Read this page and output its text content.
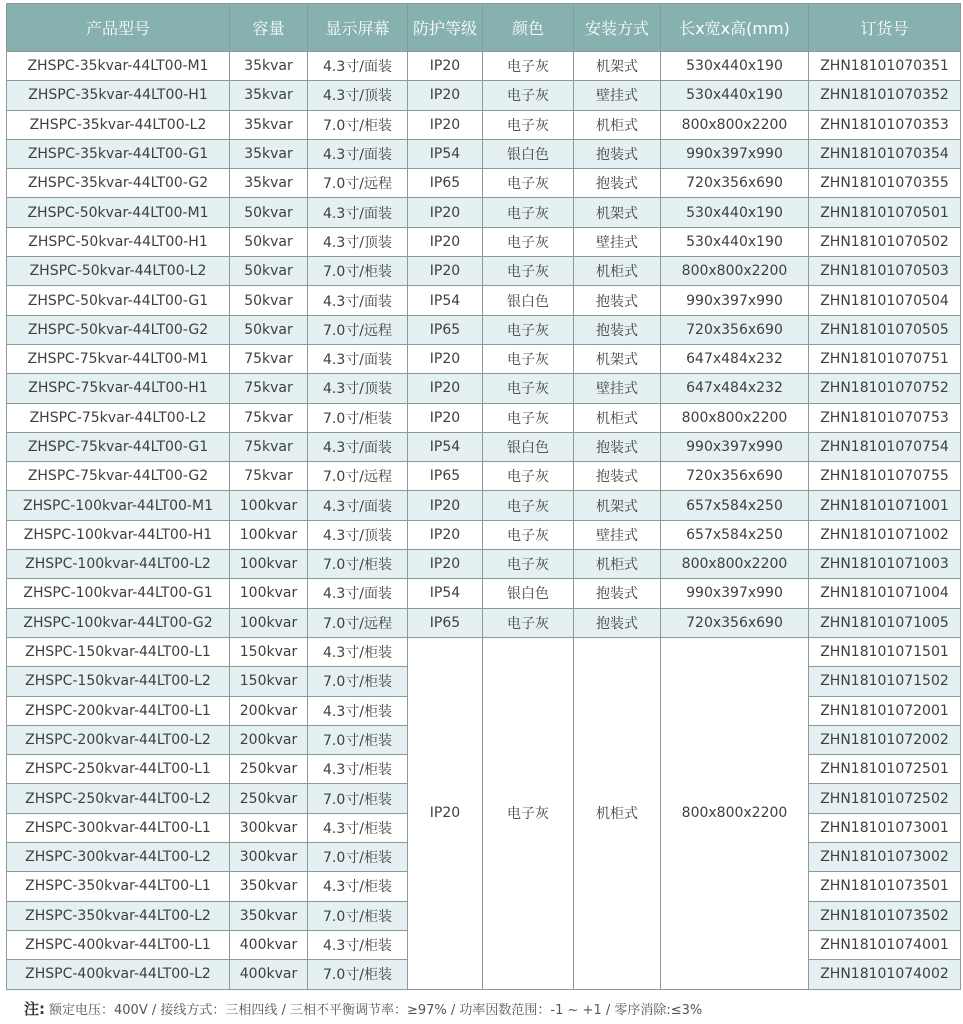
产品型号	容量	显示屏幕	防护等级	颜色	安装方式	长x宽x高(mm)	订货号
ZHSPC-35kvar-44LT00-M1	35kvar	4.3寸/面装	IP20	电子灰	机架式	530x440x190	ZHN18101070351
ZHSPC-35kvar-44LT00-H1	35kvar	4.3寸/顶装	IP20	电子灰	壁挂式	530x440x190	ZHN18101070352
ZHSPC-35kvar-44LT00-L2	35kvar	7.0寸/柜装	IP20	电子灰	机柜式	800x800x2200	ZHN18101070353
ZHSPC-35kvar-44LT00-G1	35kvar	4.3寸/面装	IP54	银白色	抱装式	990x397x990	ZHN18101070354
ZHSPC-35kvar-44LT00-G2	35kvar	7.0寸/远程	IP65	电子灰	抱装式	720x356x690	ZHN18101070355
ZHSPC-50kvar-44LT00-M1	50kvar	4.3寸/面装	IP20	电子灰	机架式	530x440x190	ZHN18101070501
ZHSPC-50kvar-44LT00-H1	50kvar	4.3寸/顶装	IP20	电子灰	壁挂式	530x440x190	ZHN18101070502
ZHSPC-50kvar-44LT00-L2	50kvar	7.0寸/柜装	IP20	电子灰	机柜式	800x800x2200	ZHN18101070503
ZHSPC-50kvar-44LT00-G1	50kvar	4.3寸/面装	IP54	银白色	抱装式	990x397x990	ZHN18101070504
ZHSPC-50kvar-44LT00-G2	50kvar	7.0寸/远程	IP65	电子灰	抱装式	720x356x690	ZHN18101070505
ZHSPC-75kvar-44LT00-M1	75kvar	4.3寸/面装	IP20	电子灰	机架式	647x484x232	ZHN18101070751
ZHSPC-75kvar-44LT00-H1	75kvar	4.3寸/顶装	IP20	电子灰	壁挂式	647x484x232	ZHN18101070752
ZHSPC-75kvar-44LT00-L2	75kvar	7.0寸/柜装	IP20	电子灰	机柜式	800x800x2200	ZHN18101070753
ZHSPC-75kvar-44LT00-G1	75kvar	4.3寸/面装	IP54	银白色	抱装式	990x397x990	ZHN18101070754
ZHSPC-75kvar-44LT00-G2	75kvar	7.0寸/远程	IP65	电子灰	抱装式	720x356x690	ZHN18101070755
ZHSPC-100kvar-44LT00-M1	100kvar	4.3寸/面装	IP20	电子灰	机架式	657x584x250	ZHN18101071001
ZHSPC-100kvar-44LT00-H1	100kvar	4.3寸/顶装	IP20	电子灰	壁挂式	657x584x250	ZHN18101071002
ZHSPC-100kvar-44LT00-L2	100kvar	7.0寸/柜装	IP20	电子灰	机柜式	800x800x2200	ZHN18101071003
ZHSPC-100kvar-44LT00-G1	100kvar	4.3寸/面装	IP54	银白色	抱装式	990x397x990	ZHN18101071004
ZHSPC-100kvar-44LT00-G2	100kvar	7.0寸/远程	IP65	电子灰	抱装式	720x356x690	ZHN18101071005
ZHSPC-150kvar-44LT00-L1	150kvar	4.3寸/柜装	IP20	电子灰	机柜式	800x800x2200	ZHN18101071501
ZHSPC-150kvar-44LT00-L2	150kvar	7.0寸/柜装					ZHN18101071502
ZHSPC-200kvar-44LT00-L1	200kvar	4.3寸/柜装					ZHN18101072001
ZHSPC-200kvar-44LT00-L2	200kvar	7.0寸/柜装					ZHN18101072002
ZHSPC-250kvar-44LT00-L1	250kvar	4.3寸/柜装					ZHN18101072501
ZHSPC-250kvar-44LT00-L2	250kvar	7.0寸/柜装					ZHN18101072502
ZHSPC-300kvar-44LT00-L1	300kvar	4.3寸/柜装					ZHN18101073001
ZHSPC-300kvar-44LT00-L2	300kvar	7.0寸/柜装					ZHN18101073002
ZHSPC-350kvar-44LT00-L1	350kvar	4.3寸/柜装					ZHN18101073501
ZHSPC-350kvar-44LT00-L2	350kvar	7.0寸/柜装					ZHN18101073502
ZHSPC-400kvar-44LT00-L1	400kvar	4.3寸/柜装					ZHN18101074001
ZHSPC-400kvar-44LT00-L2	400kvar	7.0寸/柜装					ZHN18101074002
注: 额定电压：400V / 接线方式：三相四线 / 三相不平衡调节率：≥97% / 功率因数范围：-1 ~ +1 / 零序消除:≤3%
